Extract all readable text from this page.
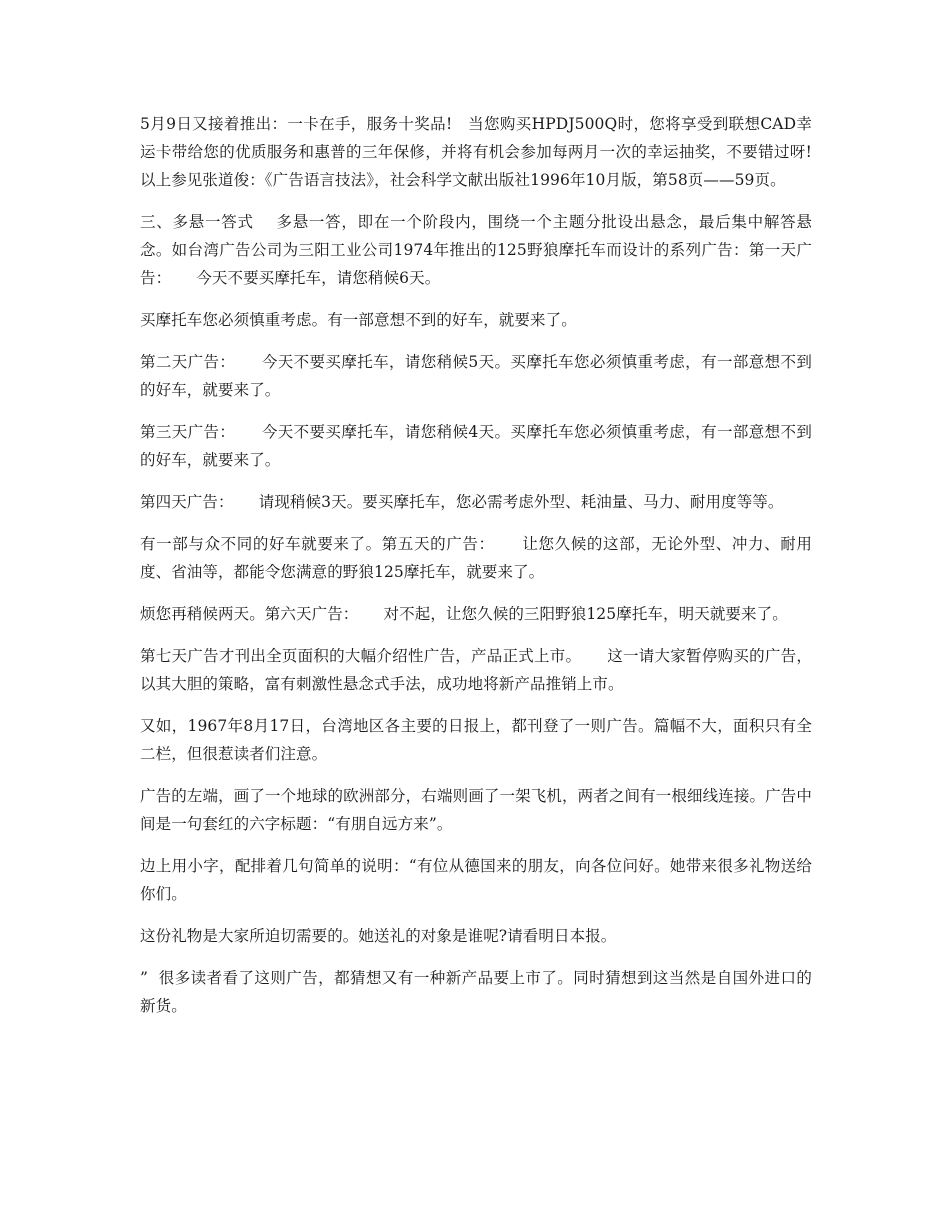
5月9日又接着推出：一卡在手，服务十奖品!   当您购买HPDJ500Q时，您将享受到联想CAD幸运卡带给您的优质服务和惠普的三年保修，并将有机会参加每两月一次的幸运抽奖，不要错过呀!以上参见张道俊：《广告语言技法》，社会科学文献出版社1996年10月版，第58页——59页。

三、多悬一答式    多悬一答，即在一个阶段内，围绕一个主题分批设出悬念，最后集中解答悬念。如台湾广告公司为三阳工业公司1974年推出的125野狼摩托车而设计的系列广告：第一天广告：     今天不要买摩托车，请您稍候6天。

买摩托车您必须慎重考虑。有一部意想不到的好车，就要来了。

第二天广告：     今天不要买摩托车，请您稍候5天。买摩托车您必须慎重考虑，有一部意想不到的好车，就要来了。

第三天广告：     今天不要买摩托车，请您稍候4天。买摩托车您必须慎重考虑，有一部意想不到的好车，就要来了。

第四天广告：     请现稍候3天。要买摩托车，您必需考虑外型、耗油量、马力、耐用度等等。

有一部与众不同的好车就要来了。第五天的广告：     让您久候的这部，无论外型、冲力、耐用度、省油等，都能令您满意的野狼125摩托车，就要来了。

烦您再稍候两天。第六天广告：     对不起，让您久候的三阳野狼125摩托车，明天就要来了。

第七天广告才刊出全页面积的大幅介绍性广告，产品正式上市。     这一请大家暂停购买的广告，以其大胆的策略，富有刺激性悬念式手法，成功地将新产品推销上市。

又如，1967年8月17日，台湾地区各主要的日报上，都刊登了一则广告。篇幅不大，面积只有全二栏，但很惹读者们注意。

广告的左端，画了一个地球的欧洲部分，右端则画了一架飞机，两者之间有一根细线连接。广告中间是一句套红的六字标题：“有朋自远方来”。

边上用小字，配排着几句简单的说明：“有位从德国来的朋友，向各位问好。她带来很多礼物送给你们。

这份礼物是大家所迫切需要的。她送礼的对象是谁呢?请看明日本报。

”  很多读者看了这则广告，都猜想又有一种新产品要上市了。同时猜想到这当然是自国外进口的新货。
